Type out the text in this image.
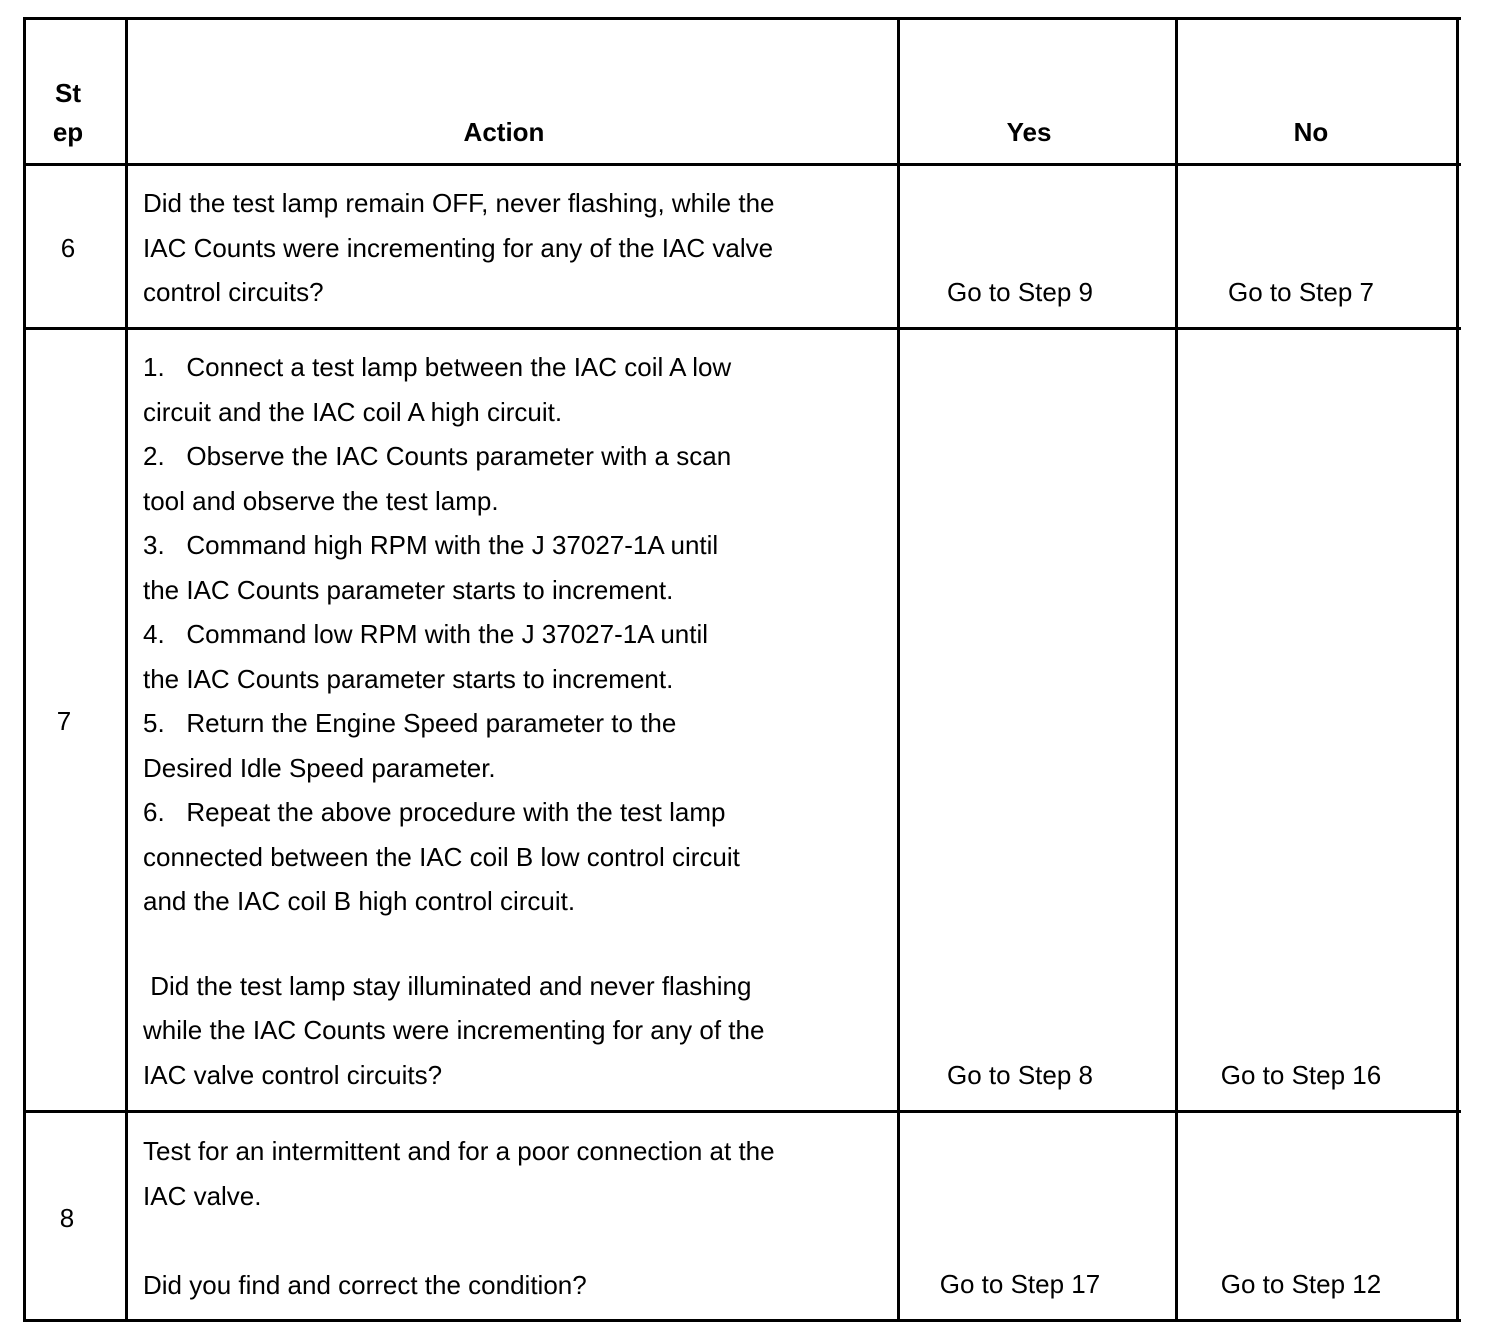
St
ep	Action	Yes	No
6
Did the test lamp remain OFF, never flashing, while the
IAC Counts were incrementing for any of the IAC valve
control circuits?	Go to Step 9	Go to Step 7
7
1.   Connect a test lamp between the IAC coil A low
circuit and the IAC coil A high circuit.
2.   Observe the IAC Counts parameter with a scan
tool and observe the test lamp.
3.   Command high RPM with the J 37027-1A until
the IAC Counts parameter starts to increment.
4.   Command low RPM with the J 37027-1A until
the IAC Counts parameter starts to increment.
5.   Return the Engine Speed parameter to the
Desired Idle Speed parameter.
6.   Repeat the above procedure with the test lamp
connected between the IAC coil B low control circuit
and the IAC coil B high control circuit.
Did the test lamp stay illuminated and never flashing
while the IAC Counts were incrementing for any of the
IAC valve control circuits?	Go to Step 8	Go to Step 16
8
Test for an intermittent and for a poor connection at the
IAC valve.
Did you find and correct the condition?	Go to Step 17	Go to Step 12
